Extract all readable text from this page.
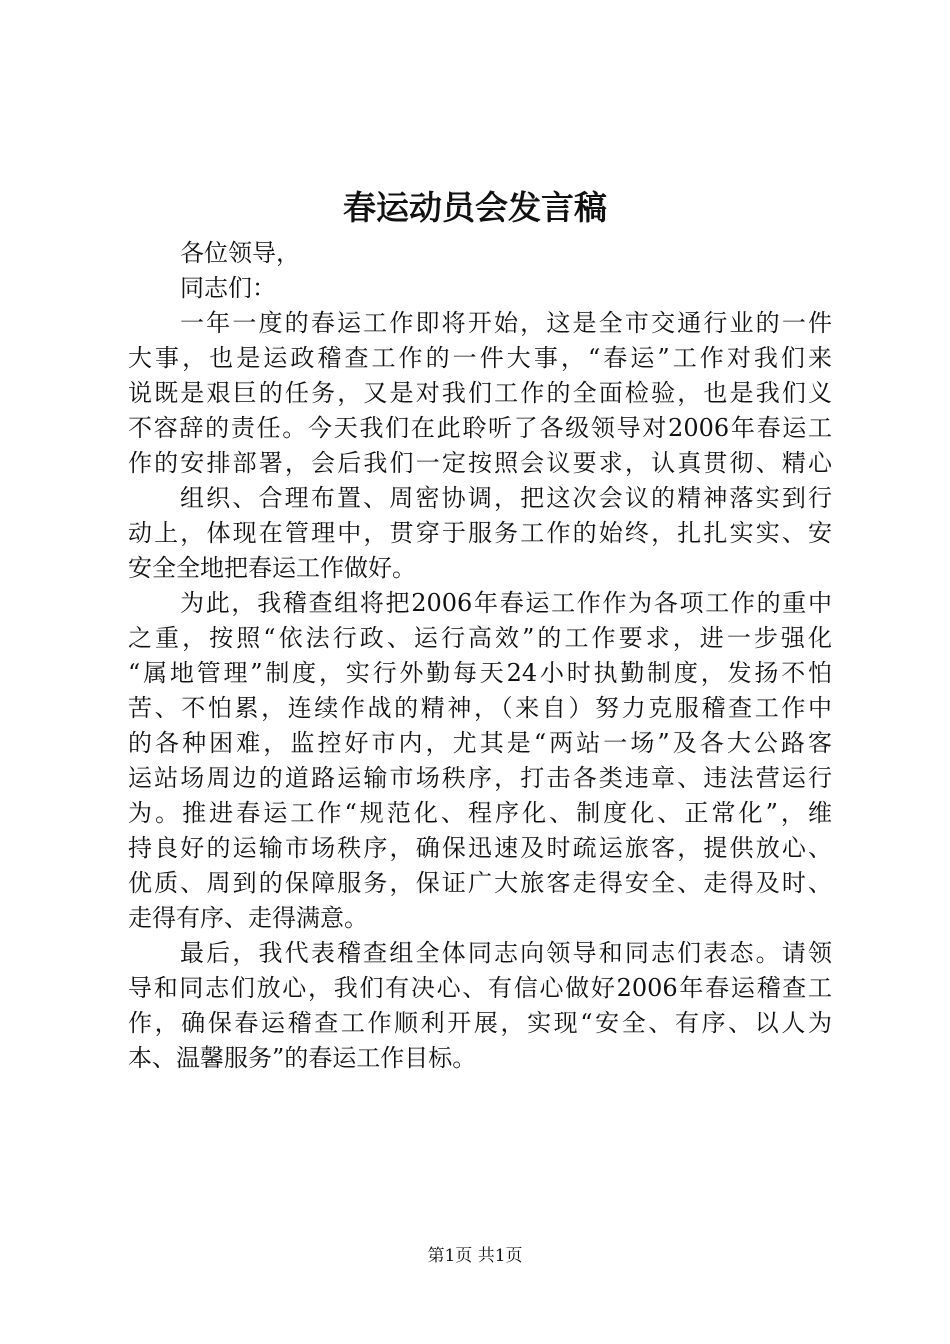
春运动员会发言稿
各位领导，
同志们：
一年一度的春运工作即将开始，这是全市交通行业的一件
大事，也是运政稽查工作的一件大事，“春运”工作对我们来
说既是艰巨的任务，又是对我们工作的全面检验，也是我们义
不容辞的责任。今天我们在此聆听了各级领导对2006年春运工
作的安排部署，会后我们一定按照会议要求，认真贯彻、精心
组织、合理布置、周密协调，把这次会议的精神落实到行
动上，体现在管理中，贯穿于服务工作的始终，扎扎实实、安
安全全地把春运工作做好。
为此，我稽查组将把2006年春运工作作为各项工作的重中
之重，按照“依法行政、运行高效”的工作要求，进一步强化
“属地管理”制度，实行外勤每天24小时执勤制度，发扬不怕
苦、不怕累，连续作战的精神，（来自）努力克服稽查工作中
的各种困难，监控好市内，尤其是“两站一场”及各大公路客
运站场周边的道路运输市场秩序，打击各类违章、违法营运行
为。推进春运工作“规范化、程序化、制度化、正常化”，维
持良好的运输市场秩序，确保迅速及时疏运旅客，提供放心、
优质、周到的保障服务，保证广大旅客走得安全、走得及时、
走得有序、走得满意。
最后，我代表稽查组全体同志向领导和同志们表态。请领
导和同志们放心，我们有决心、有信心做好2006年春运稽查工
作，确保春运稽查工作顺利开展，实现“安全、有序、以人为
本、温馨服务”的春运工作目标。
第1页 共1页
